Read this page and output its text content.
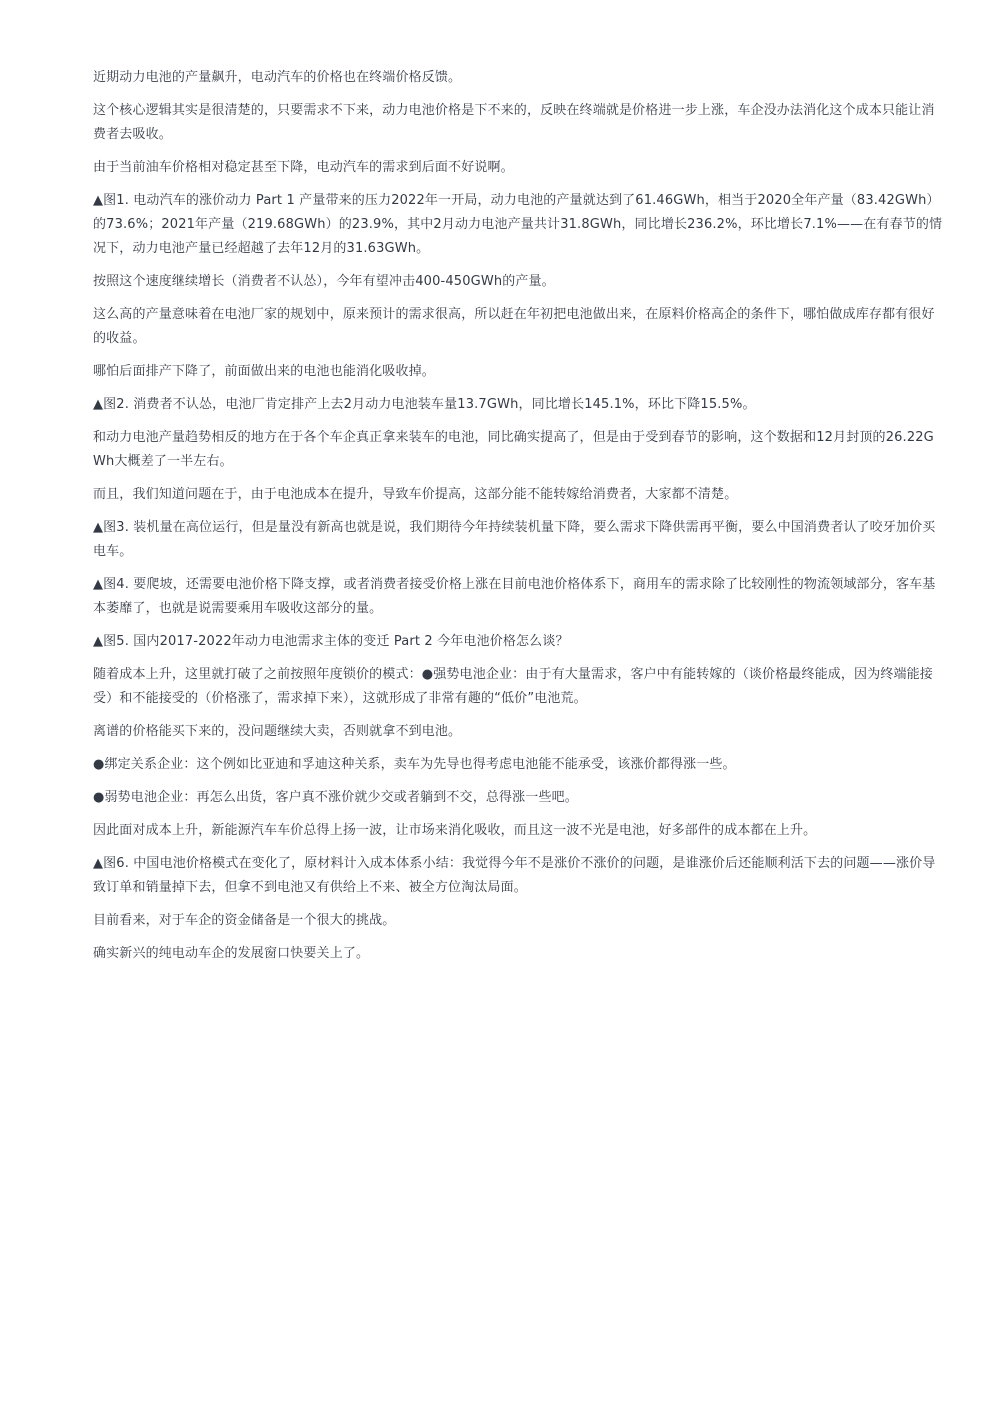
近期动力电池的产量飙升，电动汽车的价格也在终端价格反馈。

这个核心逻辑其实是很清楚的，只要需求不下来，动力电池价格是下不来的，反映在终端就是价格进一步上涨，车企没办法消化这个成本只能让消费者去吸收。

由于当前油车价格相对稳定甚至下降，电动汽车的需求到后面不好说啊。

▲图1. 电动汽车的涨价动力 Part 1 产量带来的压力2022年一开局，动力电池的产量就达到了61.46GWh，相当于2020全年产量（83.42GWh）的73.6%；2021年产量（219.68GWh）的23.9%，其中2月动力电池产量共计31.8GWh，同比增长236.2%，环比增长7.1%——在有春节的情况下，动力电池产量已经超越了去年12月的31.63GWh。

按照这个速度继续增长（消费者不认怂），今年有望冲击400-450GWh的产量。

这么高的产量意味着在电池厂家的规划中，原来预计的需求很高，所以赶在年初把电池做出来，在原料价格高企的条件下，哪怕做成库存都有很好的收益。

哪怕后面排产下降了，前面做出来的电池也能消化吸收掉。

▲图2. 消费者不认怂，电池厂肯定排产上去2月动力电池装车量13.7GWh，同比增长145.1%，环比下降15.5%。

和动力电池产量趋势相反的地方在于各个车企真正拿来装车的电池，同比确实提高了，但是由于受到春节的影响，这个数据和12月封顶的26.22GWh大概差了一半左右。

而且，我们知道问题在于，由于电池成本在提升，导致车价提高，这部分能不能转嫁给消费者，大家都不清楚。

▲图3. 装机量在高位运行，但是量没有新高也就是说，我们期待今年持续装机量下降，要么需求下降供需再平衡，要么中国消费者认了咬牙加价买电车。

▲图4. 要爬坡，还需要电池价格下降支撑，或者消费者接受价格上涨在目前电池价格体系下，商用车的需求除了比较刚性的物流领域部分，客车基本萎靡了，也就是说需要乘用车吸收这部分的量。

▲图5. 国内2017-2022年动力电池需求主体的变迁 Part 2 今年电池价格怎么谈？

随着成本上升，这里就打破了之前按照年度锁价的模式：●强势电池企业：由于有大量需求，客户中有能转嫁的（谈价格最终能成，因为终端能接受）和不能接受的（价格涨了，需求掉下来），这就形成了非常有趣的“低价”电池荒。

离谱的价格能买下来的，没问题继续大卖，否则就拿不到电池。

●绑定关系企业：这个例如比亚迪和孚迪这种关系，卖车为先导也得考虑电池能不能承受，该涨价都得涨一些。

●弱势电池企业：再怎么出货，客户真不涨价就少交或者躺到不交，总得涨一些吧。

因此面对成本上升，新能源汽车车价总得上扬一波，让市场来消化吸收，而且这一波不光是电池，好多部件的成本都在上升。

▲图6. 中国电池价格模式在变化了，原材料计入成本体系小结：我觉得今年不是涨价不涨价的问题，是谁涨价后还能顺利活下去的问题——涨价导致订单和销量掉下去，但拿不到电池又有供给上不来、被全方位淘汰局面。

目前看来，对于车企的资金储备是一个很大的挑战。

确实新兴的纯电动车企的发展窗口快要关上了。
